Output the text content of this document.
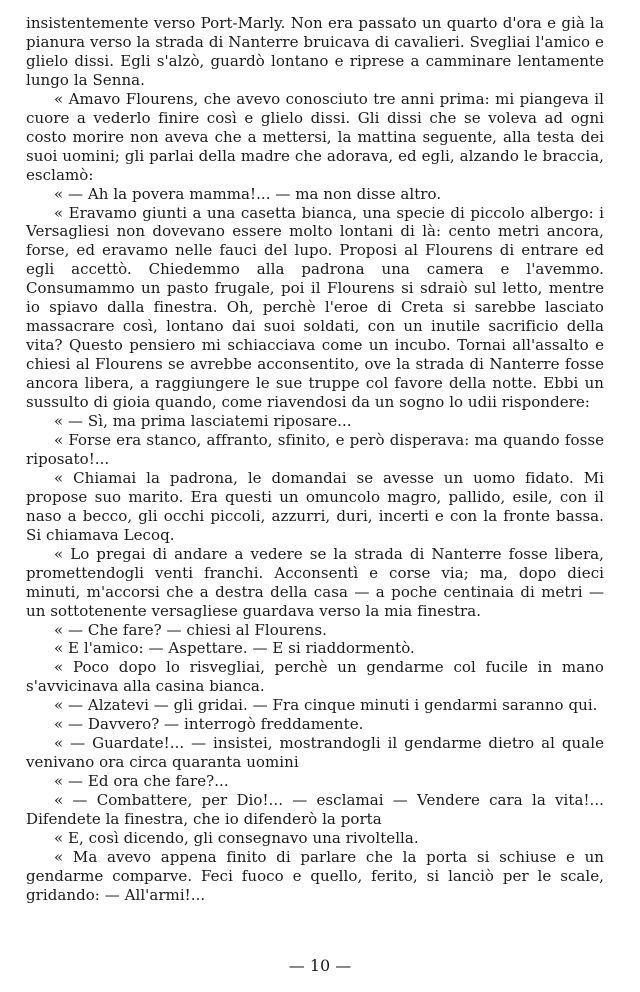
insistentemente verso Port-Marly. Non era passato un quarto d'ora e già la pianura verso la strada di Nanterre bruicava di cavalieri. Svegliai l'amico e glielo dissi. Egli s'alzò, guardò lontano e riprese a camminare lentamente lungo la Senna.

« Amavo Flourens, che avevo conosciuto tre anni prima: mi piangeva il cuore a vederlo finire così e glielo dissi. Gli dissi che se voleva ad ogni costo morire non aveva che a mettersi, la mattina seguente, alla testa dei suoi uomini; gli parlai della madre che adorava, ed egli, alzando le braccia, esclamò:

« — Ah la povera mamma!... — ma non disse altro.

« Eravamo giunti a una casetta bianca, una specie di piccolo albergo: i Versagliesi non dovevano essere molto lontani di là: cento metri ancora, forse, ed eravamo nelle fauci del lupo. Proposi al Flourens di entrare ed egli accettò. Chiedemmo alla padrona una camera e l'avemmo. Consumammo un pasto frugale, poi il Flourens si sdraiò sul letto, mentre io spiavo dalla finestra. Oh, perchè l'eroe di Creta si sarebbe lasciato massacrare così, lontano dai suoi soldati, con un inutile sacrificio della vita? Questo pensiero mi schiacciava come un incubo. Tornai all'assalto e chiesi al Flourens se avrebbe acconsentito, ove la strada di Nanterre fosse ancora libera, a raggiungere le sue truppe col favore della notte. Ebbi un sussulto di gioia quando, come riavendosi da un sogno lo udii rispondere:

« — Sì, ma prima lasciatemi riposare...

« Forse era stanco, affranto, sfinito, e però disperava: ma quando fosse riposato!...

« Chiamai la padrona, le domandai se avesse un uomo fidato. Mi propose suo marito. Era questi un omuncolo magro, pallido, esile, con il naso a becco, gli occhi piccoli, azzurri, duri, incerti e con la fronte bassa. Si chiamava Lecoq.

« Lo pregai di andare a vedere se la strada di Nanterre fosse libera, promettendogli venti franchi. Acconsentì e corse via; ma, dopo dieci minuti, m'accorsi che a destra della casa — a poche centinaia di metri — un sottotenente versagliese guardava verso la mia finestra.

« — Che fare? — chiesi al Flourens.

« E l'amico: — Aspettare. — E si riaddormentò.

« Poco dopo lo risvegliai, perchè un gendarme col fucile in mano s'avvicinava alla casina bianca.

« — Alzatevi — gli gridai. — Fra cinque minuti i gendarmi saranno qui.

« — Davvero? — interrogò freddamente.

« — Guardate!... — insistei, mostrandogli il gendarme dietro al quale venivano ora circa quaranta uomini

« — Ed ora che fare?...

« — Combattere, per Dio!... — esclamai — Vendere cara la vita!... Difendete la finestra, che io difenderò la porta

« E, così dicendo, gli consegnavo una rivoltella.

« Ma avevo appena finito di parlare che la porta si schiuse e un gendarme comparve. Feci fuoco e quello, ferito, si lanciò per le scale, gridando: — All'armi!...

— 10 —
